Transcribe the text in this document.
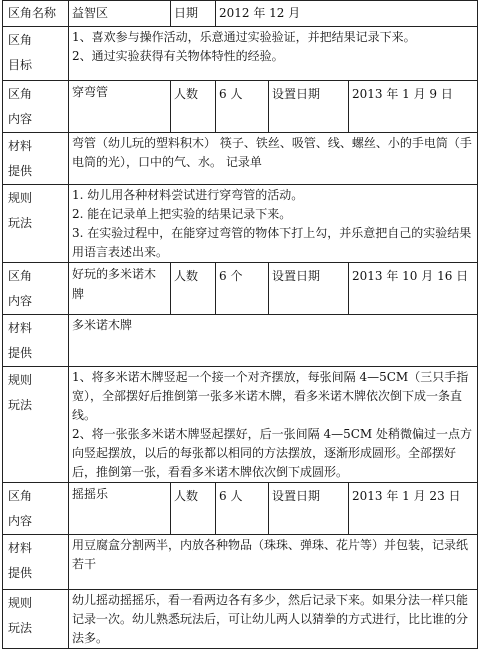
区角名称	益智区	日期	2012 年 12 月		

区角
目标	1、喜欢参与操作活动，乐意通过实验验证，并把结果记录下来。
2、通过实验获得有关物体特性的经验。				

区角
内容	穿弯管	人数	6 人	设置日期	2013 年 1 月 9 日

材料
提供	弯管（幼儿玩的塑料积木） 筷子、铁丝、吸管、线、螺丝、小的手电筒（手电筒的光），口中的气、水。 记录单				

规则
玩法	1. 幼儿用各种材料尝试进行穿弯管的活动。
2. 能在记录单上把实验的结果记录下来。
3. 在实验过程中，在能穿过弯管的物体下打上勾，并乐意把自己的实验结果用语言表述出来。				

区角
内容	好玩的多米诺木牌	人数	6 个	设置日期	2013 年 10 月 16 日

材料
提供	多米诺木牌				

规则
玩法	1、将多米诺木牌竖起一个接一个对齐摆放，每张间隔 4—5CM（三只手指宽），全部摆好后推倒第一张多米诺木牌，看多米诺木牌依次倒下成一条直线。
2、将一张张多米诺木牌竖起摆好，后一张间隔 4—5CM 处稍微偏过一点方向竖起摆放，以后的每张都以相同的方法摆放，逐渐形成圆形。全部摆好后，推倒第一张，看看多米诺木牌依次倒下成圆形。				

区角
内容	摇摇乐	人数	6 人	设置日期	2013 年 1 月 23 日

材料
提供	用豆腐盒分割两半，内放各种物品（珠珠、弹珠、花片等）并包装，记录纸若干				

规则
玩法	幼儿摇动摇摇乐，看一看两边各有多少，然后记录下来。如果分法一样只能记录一次。幼儿熟悉玩法后，可让幼儿两人以猜拳的方式进行，比比谁的分法多。				
